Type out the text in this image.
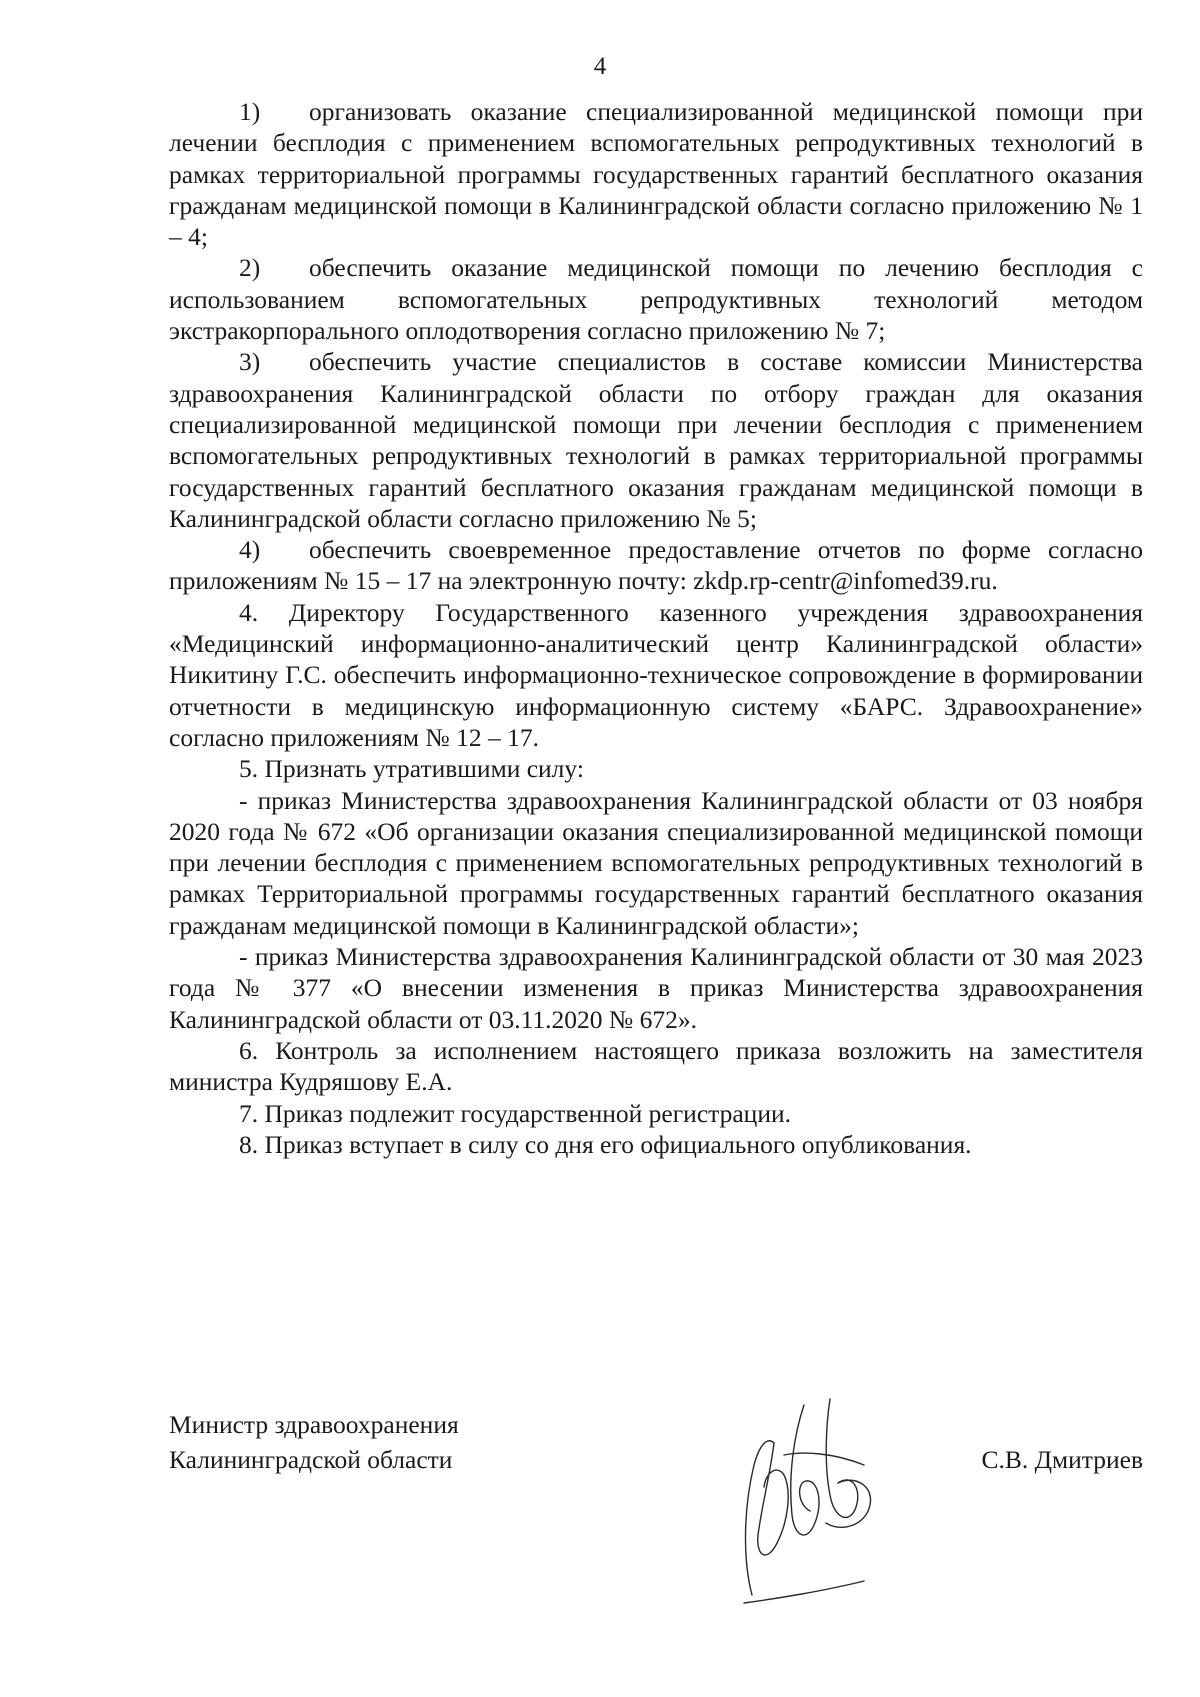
4

1) организовать оказание специализированной медицинской помощи при лечении бесплодия с применением вспомогательных репродуктивных технологий в рамках территориальной программы государственных гарантий бесплатного оказания гражданам медицинской помощи в Калининградской области согласно приложению № 1 – 4;

2) обеспечить оказание медицинской помощи по лечению бесплодия с использованием вспомогательных репродуктивных технологий методом экстракорпорального оплодотворения согласно приложению № 7;

3) обеспечить участие специалистов в составе комиссии Министерства здравоохранения Калининградской области по отбору граждан для оказания специализированной медицинской помощи при лечении бесплодия с применением вспомогательных репродуктивных технологий в рамках территориальной программы государственных гарантий бесплатного оказания гражданам медицинской помощи в Калининградской области согласно приложению № 5;

4) обеспечить своевременное предоставление отчетов по форме согласно приложениям № 15 – 17 на электронную почту: zkdp.rp-centr@infomed39.ru.

4. Директору Государственного казенного учреждения здравоохранения «Медицинский информационно-аналитический центр Калининградской области» Никитину Г.С. обеспечить информационно-техническое сопровождение в формировании отчетности в медицинскую информационную систему «БАРС. Здравоохранение» согласно приложениям № 12 – 17.

5. Признать утратившими силу:

- приказ Министерства здравоохранения Калининградской области от 03 ноября 2020 года № 672 «Об организации оказания специализированной медицинской помощи при лечении бесплодия с применением вспомогательных репродуктивных технологий в рамках Территориальной программы государственных гарантий бесплатного оказания гражданам медицинской помощи в Калининградской области»;

- приказ Министерства здравоохранения Калининградской области от 30 мая 2023 года № 377 «О внесении изменения в приказ Министерства здравоохранения Калининградской области от 03.11.2020 № 672».

6. Контроль за исполнением настоящего приказа возложить на заместителя министра Кудряшову Е.А.

7. Приказ подлежит государственной регистрации.

8. Приказ вступает в силу со дня его официального опубликования.

Министр здравоохранения
Калининградской области	С.В. Дмитриев
